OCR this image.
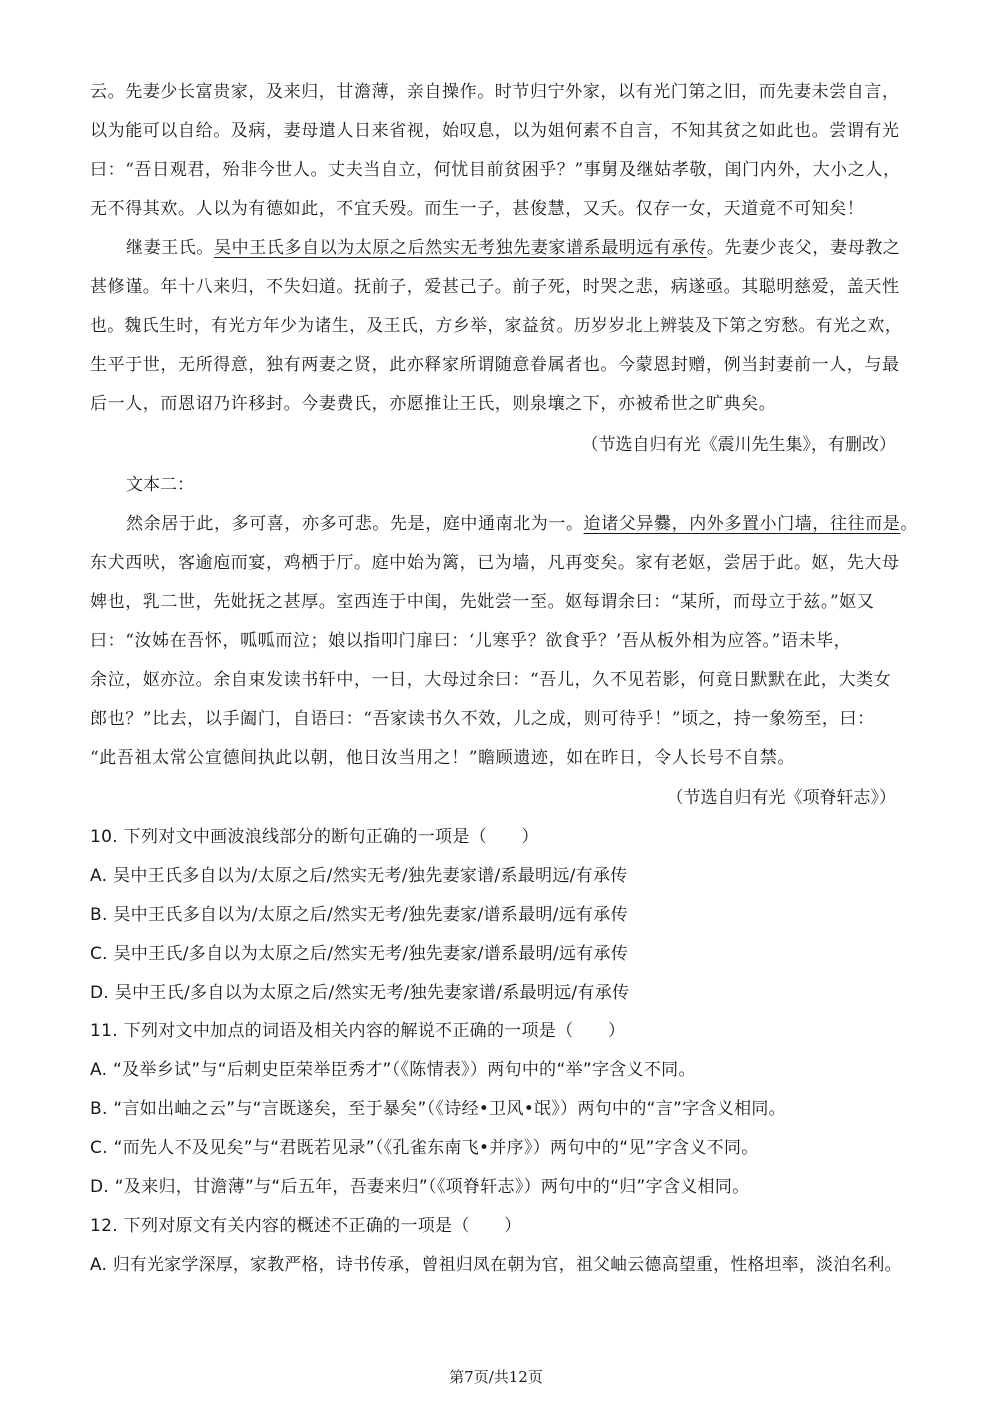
云。先妻少长富贵家，及来归，甘澹薄，亲自操作。时节归宁外家，以有光门第之旧，而先妻未尝自言，
以为能可以自给。及病，妻母遣人日来省视，始叹息，以为姐何素不自言，不知其贫之如此也。尝谓有光
曰：“吾日观君，殆非今世人。丈夫当自立，何忧目前贫困乎？”事舅及继姑孝敬，闺门内外，大小之人，
无不得其欢。人以为有德如此，不宜夭殁。而生一子，甚俊慧，又夭。仅存一女，天道竟不可知矣！
继妻王氏。吴中王氏多自以为太原之后然实无考独先妻家谱系最明远有承传。先妻少丧父，妻母教之
甚修谨。年十八来归，不失妇道。抚前子，爱甚己子。前子死，时哭之悲，病遂亟。其聪明慈爱，盖天性
也。魏氏生时，有光方年少为诸生，及王氏，方乡举，家益贫。历岁岁北上辨装及下第之穷愁。有光之欢，
生平于世，无所得意，独有两妻之贤，此亦释家所谓随意眷属者也。今蒙恩封赠，例当封妻前一人，与最
后一人，而恩诏乃许移封。今妻费氏，亦愿推让王氏，则泉壤之下，亦被希世之旷典矣。
（节选自归有光《震川先生集》，有删改）
文本二：
然余居于此，多可喜，亦多可悲。先是，庭中通南北为一。迨诸父异爨，内外多置小门墙，往往而是。
东犬西吠，客逾庖而宴，鸡栖于厅。庭中始为篱，已为墙，凡再变矣。家有老妪，尝居于此。妪，先大母
婢也，乳二世，先妣抚之甚厚。室西连于中闺，先妣尝一至。妪每谓余曰：“某所，而母立于兹。”妪又
曰：“汝姊在吾怀，呱呱而泣；娘以指叩门扉曰：‘儿寒乎？欲食乎？’吾从板外相为应答。”语未毕，
余泣，妪亦泣。余自束发读书轩中，一日，大母过余曰：“吾儿，久不见若影，何竟日默默在此，大类女
郎也？”比去，以手阖门，自语曰：“吾家读书久不效，儿之成，则可待乎！”顷之，持一象笏至，曰：
“此吾祖太常公宣德间执此以朝，他日汝当用之！”瞻顾遗迹，如在昨日，令人长号不自禁。
（节选自归有光《项脊轩志》）
10. 下列对文中画波浪线部分的断句正确的一项是（　　）
A. 吴中王氏多自以为/太原之后/然实无考/独先妻家谱/系最明远/有承传
B. 吴中王氏多自以为/太原之后/然实无考/独先妻家/谱系最明/远有承传
C. 吴中王氏/多自以为太原之后/然实无考/独先妻家/谱系最明/远有承传
D. 吴中王氏/多自以为太原之后/然实无考/独先妻家谱/系最明远/有承传
11. 下列对文中加点的词语及相关内容的解说不正确的一项是（　　）
A. “及举乡试”与“后刺史臣荣举臣秀才”（《陈情表》）两句中的“举”字含义不同。
B. “言如出岫之云”与“言既遂矣，至于暴矣”（《诗经•卫风•氓》）两句中的“言”字含义相同。
C. “而先人不及见矣”与“君既若见录”（《孔雀东南飞•并序》）两句中的“见”字含义不同。
D. “及来归，甘澹薄”与“后五年，吾妻来归”（《项脊轩志》）两句中的“归”字含义相同。
12. 下列对原文有关内容的概述不正确的一项是（　　）
A. 归有光家学深厚，家教严格，诗书传承，曾祖归凤在朝为官，祖父岫云德高望重，性格坦率，淡泊名利。
第7页/共12页
